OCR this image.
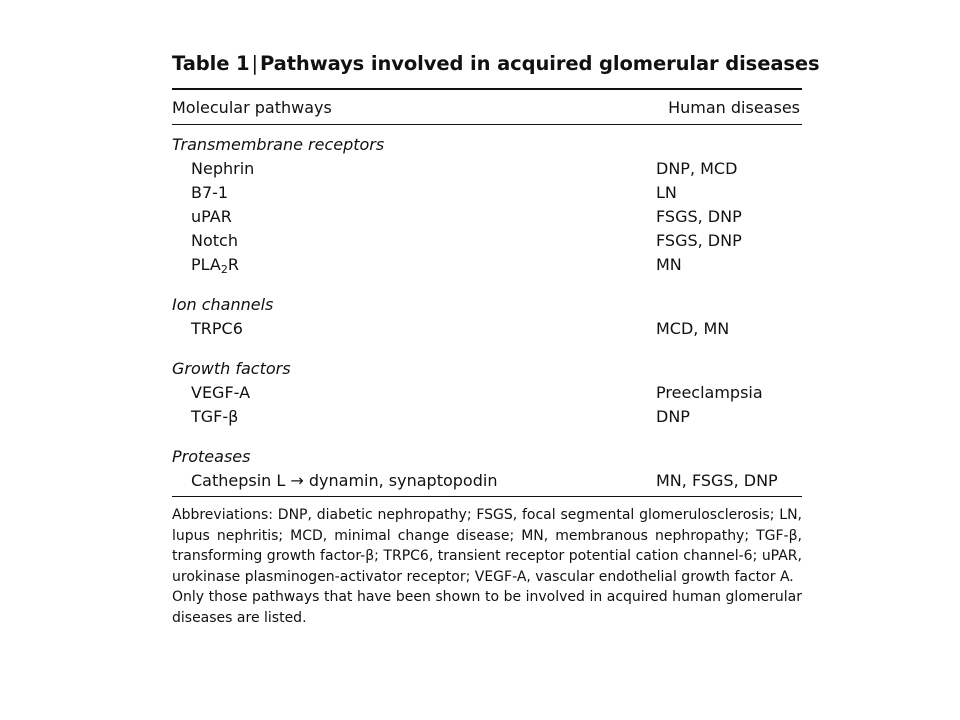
Table 1 | Pathways involved in acquired glomerular diseases
Molecular pathways	Human diseases
Transmembrane receptors
Nephrin	DNP, MCD
B7-1	LN
uPAR	FSGS, DNP
Notch	FSGS, DNP
$PLA_2R$	MN
Ion channels
TRPC6	MCD, MN
Growth factors
VEGF-A	Preeclampsia
TGF-β	DNP
Proteases
Cathepsin L → dynamin, synaptopodin	MN, FSGS, DNP

Abbreviations: DNP, diabetic nephropathy; FSGS, focal segmental glomerulosclerosis; LN, lupus nephritis; MCD, minimal change disease; MN, membranous nephropathy; TGF-β, transforming growth factor-β; TRPC6, transient receptor potential cation channel-6; uPAR, urokinase plasminogen-activator receptor; VEGF-A, vascular endothelial growth factor A.

Only those pathways that have been shown to be involved in acquired human glomerular diseases are listed.
